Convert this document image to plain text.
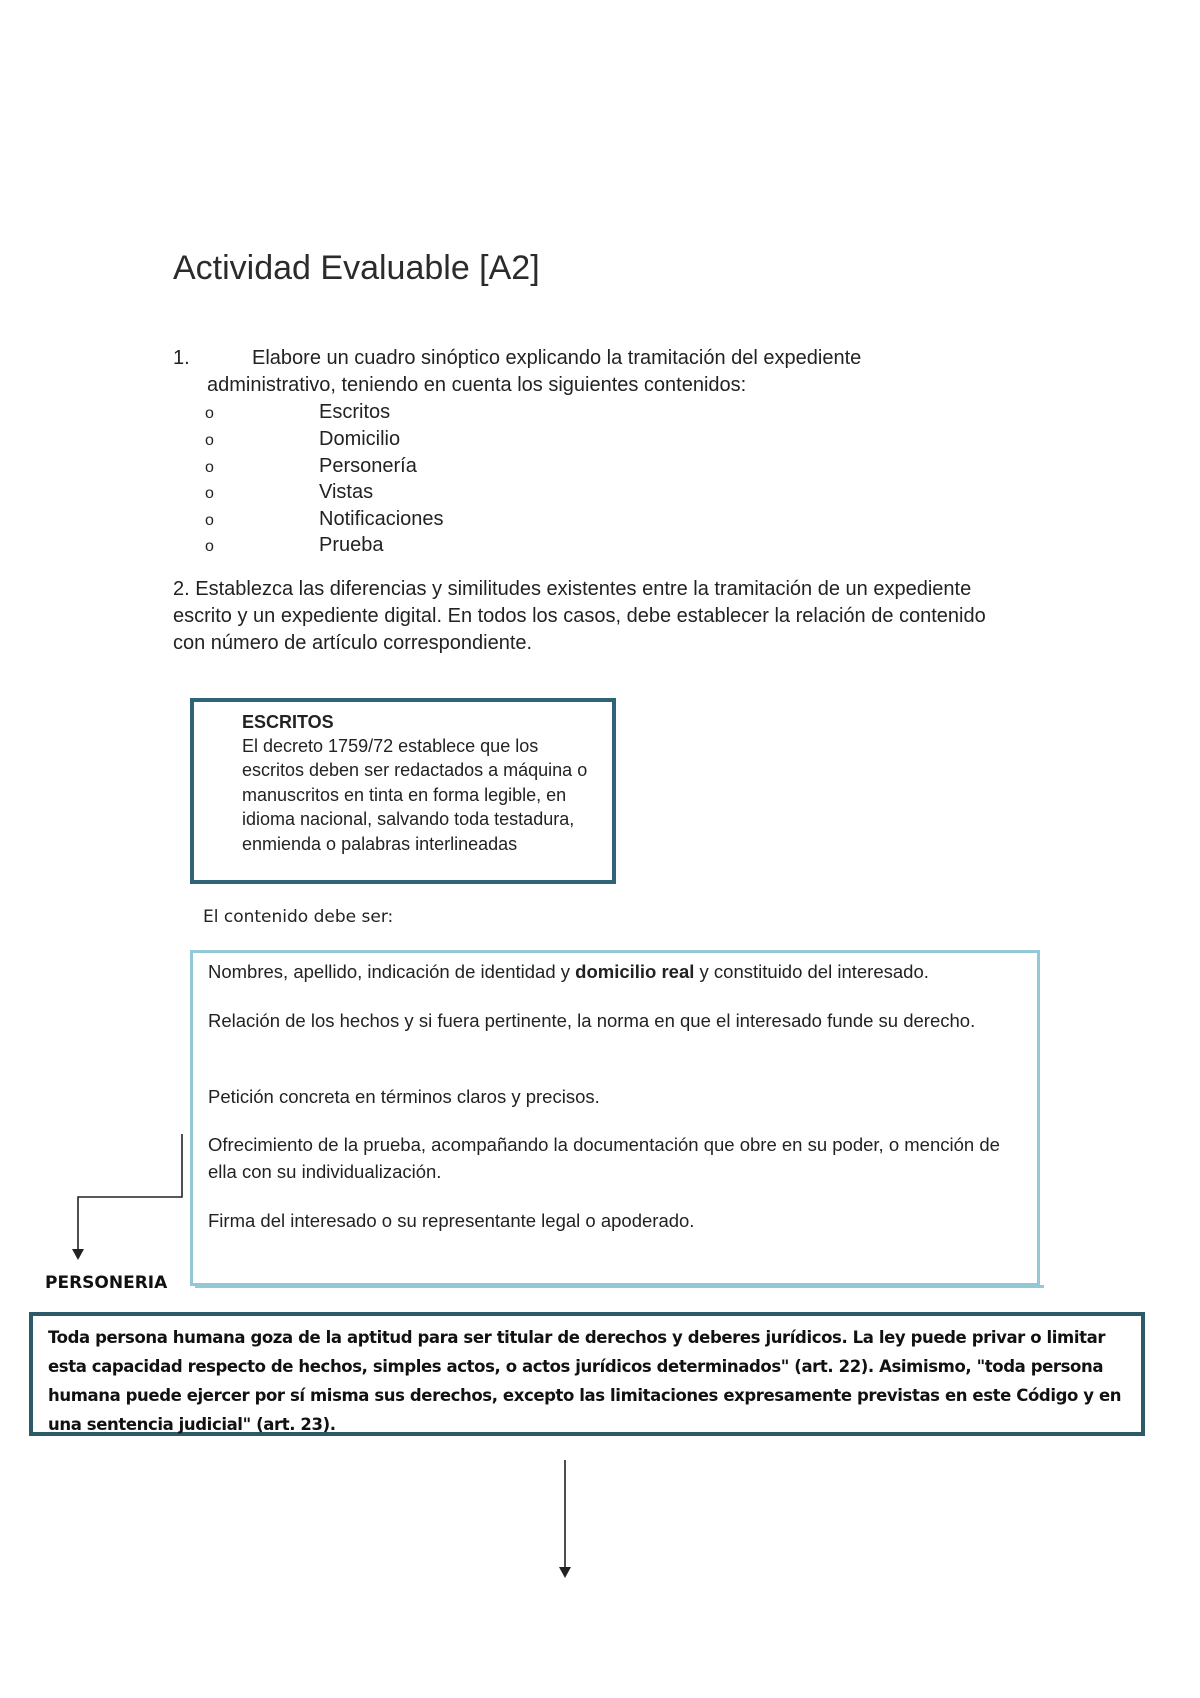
Actividad Evaluable [A2]
1.	Elabore un cuadro sinóptico explicando la tramitación del expediente
administrativo, teniendo en cuenta los siguientes contenidos:
o	Escritos
o	Domicilio
o	Personería
o	Vistas
o	Notificaciones
o	Prueba
2. Establezca las diferencias y similitudes existentes entre la tramitación de un expediente escrito y un expediente digital. En todos los casos, debe establecer la relación de contenido con número de artículo correspondiente.
ESCRITOS
El decreto 1759/72 establece que los escritos deben ser redactados a máquina o manuscritos en tinta en forma legible, en idioma nacional, salvando toda testadura, enmienda o palabras interlineadas
El contenido debe ser:
Nombres, apellido, indicación de identidad y domicilio real y constituido del interesado.
Relación de los hechos y si fuera pertinente, la norma en que el interesado funde su derecho.
Petición concreta en términos claros y precisos.
Ofrecimiento de la prueba, acompañando la documentación que obre en su poder, o mención de ella con su individualización.
Firma del interesado o su representante legal o apoderado.
PERSONERIA
Toda persona humana goza de la aptitud para ser titular de derechos y deberes jurídicos. La ley puede privar o limitar esta capacidad respecto de hechos, simples actos, o actos jurídicos determinados" (art. 22). Asimismo, "toda persona humana puede ejercer por sí misma sus derechos, excepto las limitaciones expresamente previstas en este Código y en una sentencia judicial" (art. 23).
